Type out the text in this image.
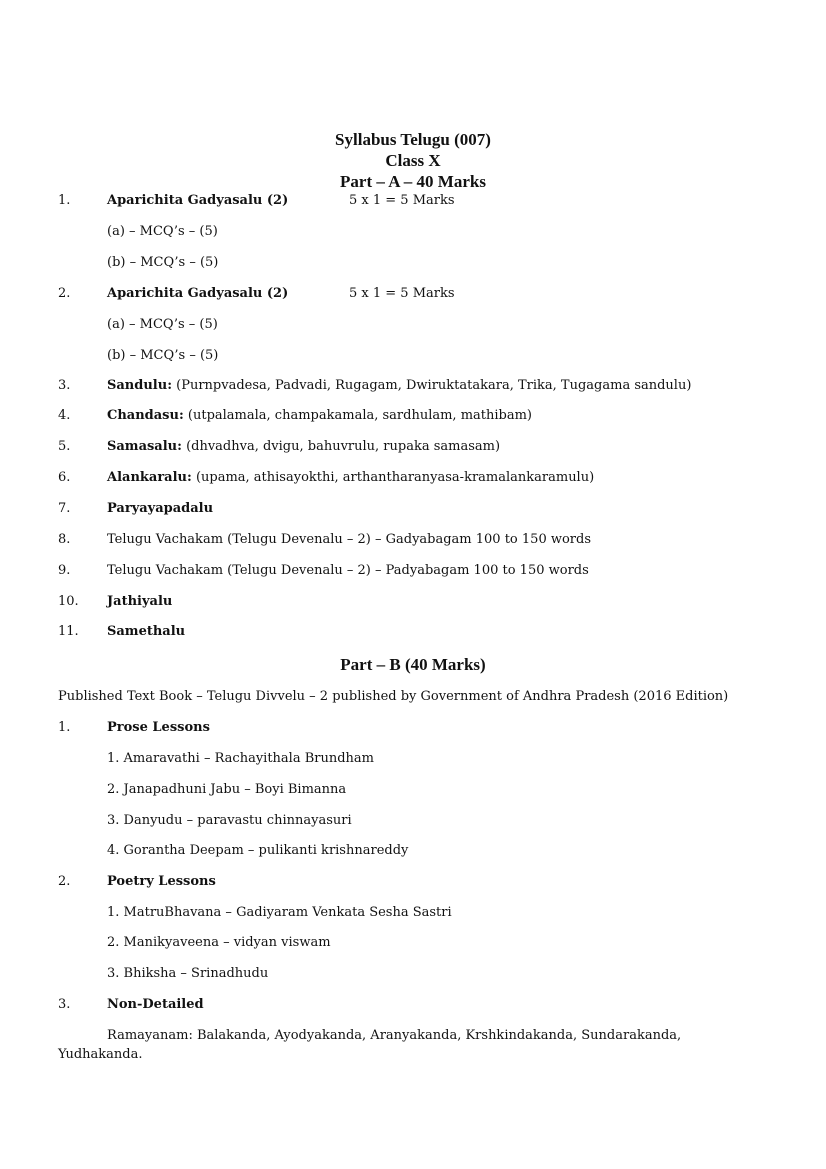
Syllabus Telugu (007)
Class X
Part – A – 40 Marks
1.	Aparichita Gadyasalu (2)	5 x 1 = 5 Marks
(a) – MCQ’s – (5)
(b) – MCQ’s – (5)
2.	Aparichita Gadyasalu (2)	5 x 1 = 5 Marks
(a) – MCQ’s – (5)
(b) – MCQ’s – (5)
3.	Sandulu: (Purnpvadesa, Padvadi, Rugagam, Dwiruktatakara, Trika, Tugagama sandulu)
4.	Chandasu: (utpalamala, champakamala, sardhulam, mathibam)
5.	Samasalu: (dhvadhva, dvigu, bahuvrulu, rupaka samasam)
6.	Alankaralu: (upama, athisayokthi, arthantharanyasa-kramalankaramulu)
7.	Paryayapadalu
8.	Telugu Vachakam (Telugu Devenalu – 2) – Gadyabagam 100 to 150 words
9.	Telugu Vachakam (Telugu Devenalu – 2) – Padyabagam 100 to 150 words
10. Jathiyalu
11. Samethalu
Part – B (40 Marks)
Published Text Book – Telugu Divvelu – 2 published by Government of Andhra Pradesh (2016 Edition)
1.	Prose Lessons
1. Amaravathi – Rachayithala Brundham
2. Janapadhuni Jabu – Boyi Bimanna
3. Danyudu – paravastu chinnayasuri
4. Gorantha Deepam – pulikanti krishnareddy
2.	Poetry Lessons
1. MatruBhavana – Gadiyaram Venkata Sesha Sastri
2. Manikyaveena – vidyan viswam
3. Bhiksha – Srinadhudu
3.	Non-Detailed
Ramayanam: Balakanda, Ayodyakanda, Aranyakanda, Krshkindakanda, Sundarakanda,
Yudhakanda.
